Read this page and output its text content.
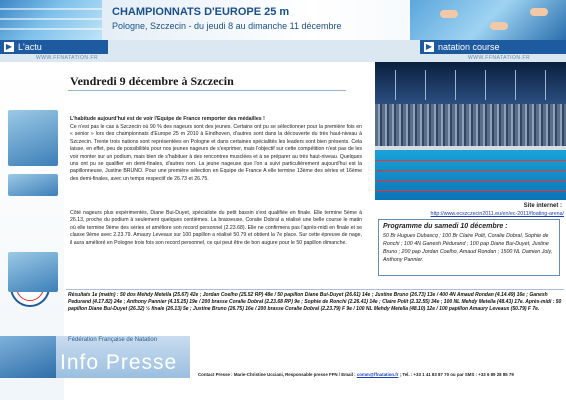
CHAMPIONNATS D'EUROPE 25 m
Pologne, Szczecin - du jeudi 8 au dimanche 11 décembre
▶ L'actu	▶ natation course
WWW.FFNATATION.FR	WWW.FFNATATION.FR
Vendredi 9 décembre à Szczecin
L'habitude aujourd'hui est de voir l'Equipe de France remporter des médailles !
Ce n'est pas le cas à Szczecin où 90 % des nageurs sont des jeunes. Certains ont pu se sélectionner pour la première fois en « senior » lors des championnats d'Europe 25 m 2010 à Eindhoven, d'autres sont dans la découverte du très haut-niveau à Szczecin. Trente trois nations sont représentées en Pologne et dans certaines spécialités les leaders sont bien présents. Cela laisse, en effet, peu de possibilités pour nos jeunes nageurs de s'exprimer, mais l'objectif sur cette compétition n'est pas de les voir monter sur un podium, mais bien de s'habituer à des rencontres musclées et à se préparer au très haut-niveau. Quelques uns ont pu se qualifier en demi-finales, d'autres non. La jeune nageuse que l'on a suivi particulièrement aujourd'hui est la papillonneuse, Justine BRUNO. Pour une première sélection en Equipe de France A elle termine 13ème des séries et 16ème des demi-finales, avec un temps respectif de 26.73 et 26.75.
Côté nageurs plus expérimentés, Diane Bui-Duyet, spécialiste du petit bassin s'est qualifiée en finale. Elle termine 5ème à 26.13, proche du podium à seulement quelques centièmes. La brasseuse, Coralie Dobral a réalisé une belle course le matin où elle termine 9ème des séries et améliore son record personnel (2.23.68). Elle ne confirmera pas l'après-midi en finale et se classe 9ème avec 2.23.79. Amaury Leveaux sur 100 papillon a réalisé 50.79 et obtient la 7e place. Sur cette épreuve de nage, il aura amélioré en Pologne trois fois son record personnel, ce qui peut être de bon augure pour le 50 papillon dimanche.
Site internet :
http://www.ecszczecin2011.eu/en/ec-2011/floating-arena/
Programme du samedi 10 décembre :
50 Br Hugues Dubascq ; 100 Br Claire Polit, Coralie Dobral, Sophie de Ronchi ; 100 4N Ganesh Pédurand ; 100 pap Diane Bui-Duyet, Justine Bruno ; 200 pap Jordan Coelho, Amaud Rondan ; 1500 NL Damien Joly, Anthony Pannier.
Résultats 1e (matin) : 50 dos Mehdy Metella (25.67) 42e ; Jordan Coelho (25.52 RP) 48e / 50 papillon Diane Bui-Duyet (26.61) 14e ; Justine Bruno (26.73) 13e / 400 4N Amaud Rondan (4.14.49) 16e ; Ganesh Pedurand (4.17.82) 24e ; Anthony Pannier (4.15.25) 19e / 200 brasse Coralie Dobral (2.23.68 RP) 9e ; Sophie de Ronchi (2.26.41) 14e ; Claire Polit (2.32.55) 34e ; 100 NL Mehdy Metella (48.43) 17e. Après-midi : 50 papillon Diane Bui-Duyet (26.32) ½ finale (26.13) 5e ; Justine Bruno (26.75) 16e / 200 brasse Coralie Dobral (2.23.79) F 9e / 100 NL Mehdy Metella (48.10) 12e / 100 papillon Amaury Leveaux (50.79) F 7e.
Fédération Française de Natation
Info Presse
Contact Presse : Marie-Christine Ucciani, Responsable presse FFN / Email : comm@ffnatation.fr ; Tel. : +33 1 41 83 87 70 ou par SMS : +33 6 89 28 85 79
